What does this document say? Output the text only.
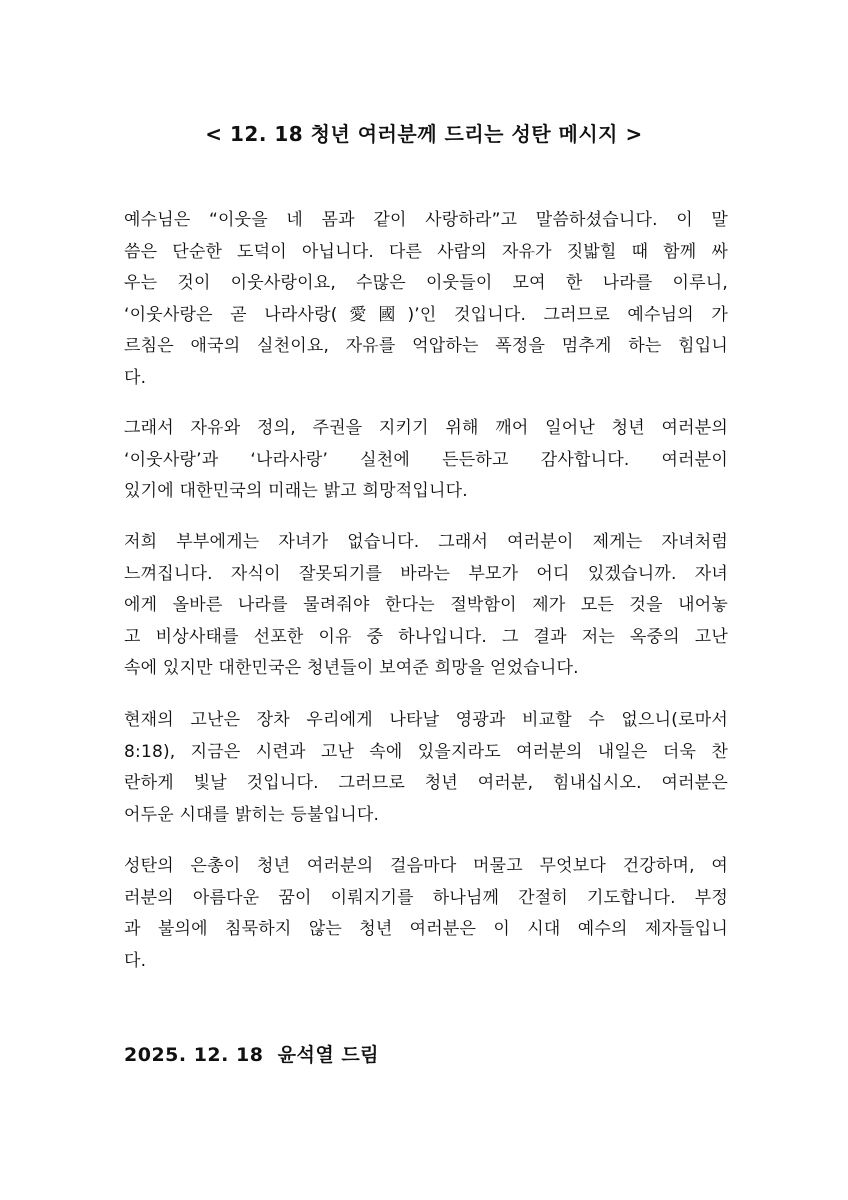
< 12. 18 청년 여러분께 드리는 성탄 메시지 >
예수님은 “이웃을 네 몸과 같이 사랑하라”고 말씀하셨습니다. 이 말
씀은 단순한 도덕이 아닙니다. 다른 사람의 자유가 짓밟힐 때 함께 싸
우는 것이 이웃사랑이요, 수많은 이웃들이 모여 한 나라를 이루니,
‘이웃사랑은 곧 나라사랑(愛國)’인 것입니다. 그러므로 예수님의 가
르침은 애국의 실천이요, 자유를 억압하는 폭정을 멈추게 하는 힘입니
다.
그래서 자유와 정의, 주권을 지키기 위해 깨어 일어난 청년 여러분의
‘이웃사랑’과 ‘나라사랑’ 실천에 든든하고 감사합니다. 여러분이
있기에 대한민국의 미래는 밝고 희망적입니다.
저희 부부에게는 자녀가 없습니다. 그래서 여러분이 제게는 자녀처럼
느껴집니다. 자식이 잘못되기를 바라는 부모가 어디 있겠습니까. 자녀
에게 올바른 나라를 물려줘야 한다는 절박함이 제가 모든 것을 내어놓
고 비상사태를 선포한 이유 중 하나입니다. 그 결과 저는 옥중의 고난
속에 있지만 대한민국은 청년들이 보여준 희망을 얻었습니다.
현재의 고난은 장차 우리에게 나타날 영광과 비교할 수 없으니(로마서
8:18), 지금은 시련과 고난 속에 있을지라도 여러분의 내일은 더욱 찬
란하게 빛날 것입니다. 그러므로 청년 여러분, 힘내십시오. 여러분은
어두운 시대를 밝히는 등불입니다.
성탄의 은총이 청년 여러분의 걸음마다 머물고 무엇보다 건강하며, 여
러분의 아름다운 꿈이 이뤄지기를 하나님께 간절히 기도합니다. 부정
과 불의에 침묵하지 않는 청년 여러분은 이 시대 예수의 제자들입니
다.
2025. 12. 18  윤석열 드림
